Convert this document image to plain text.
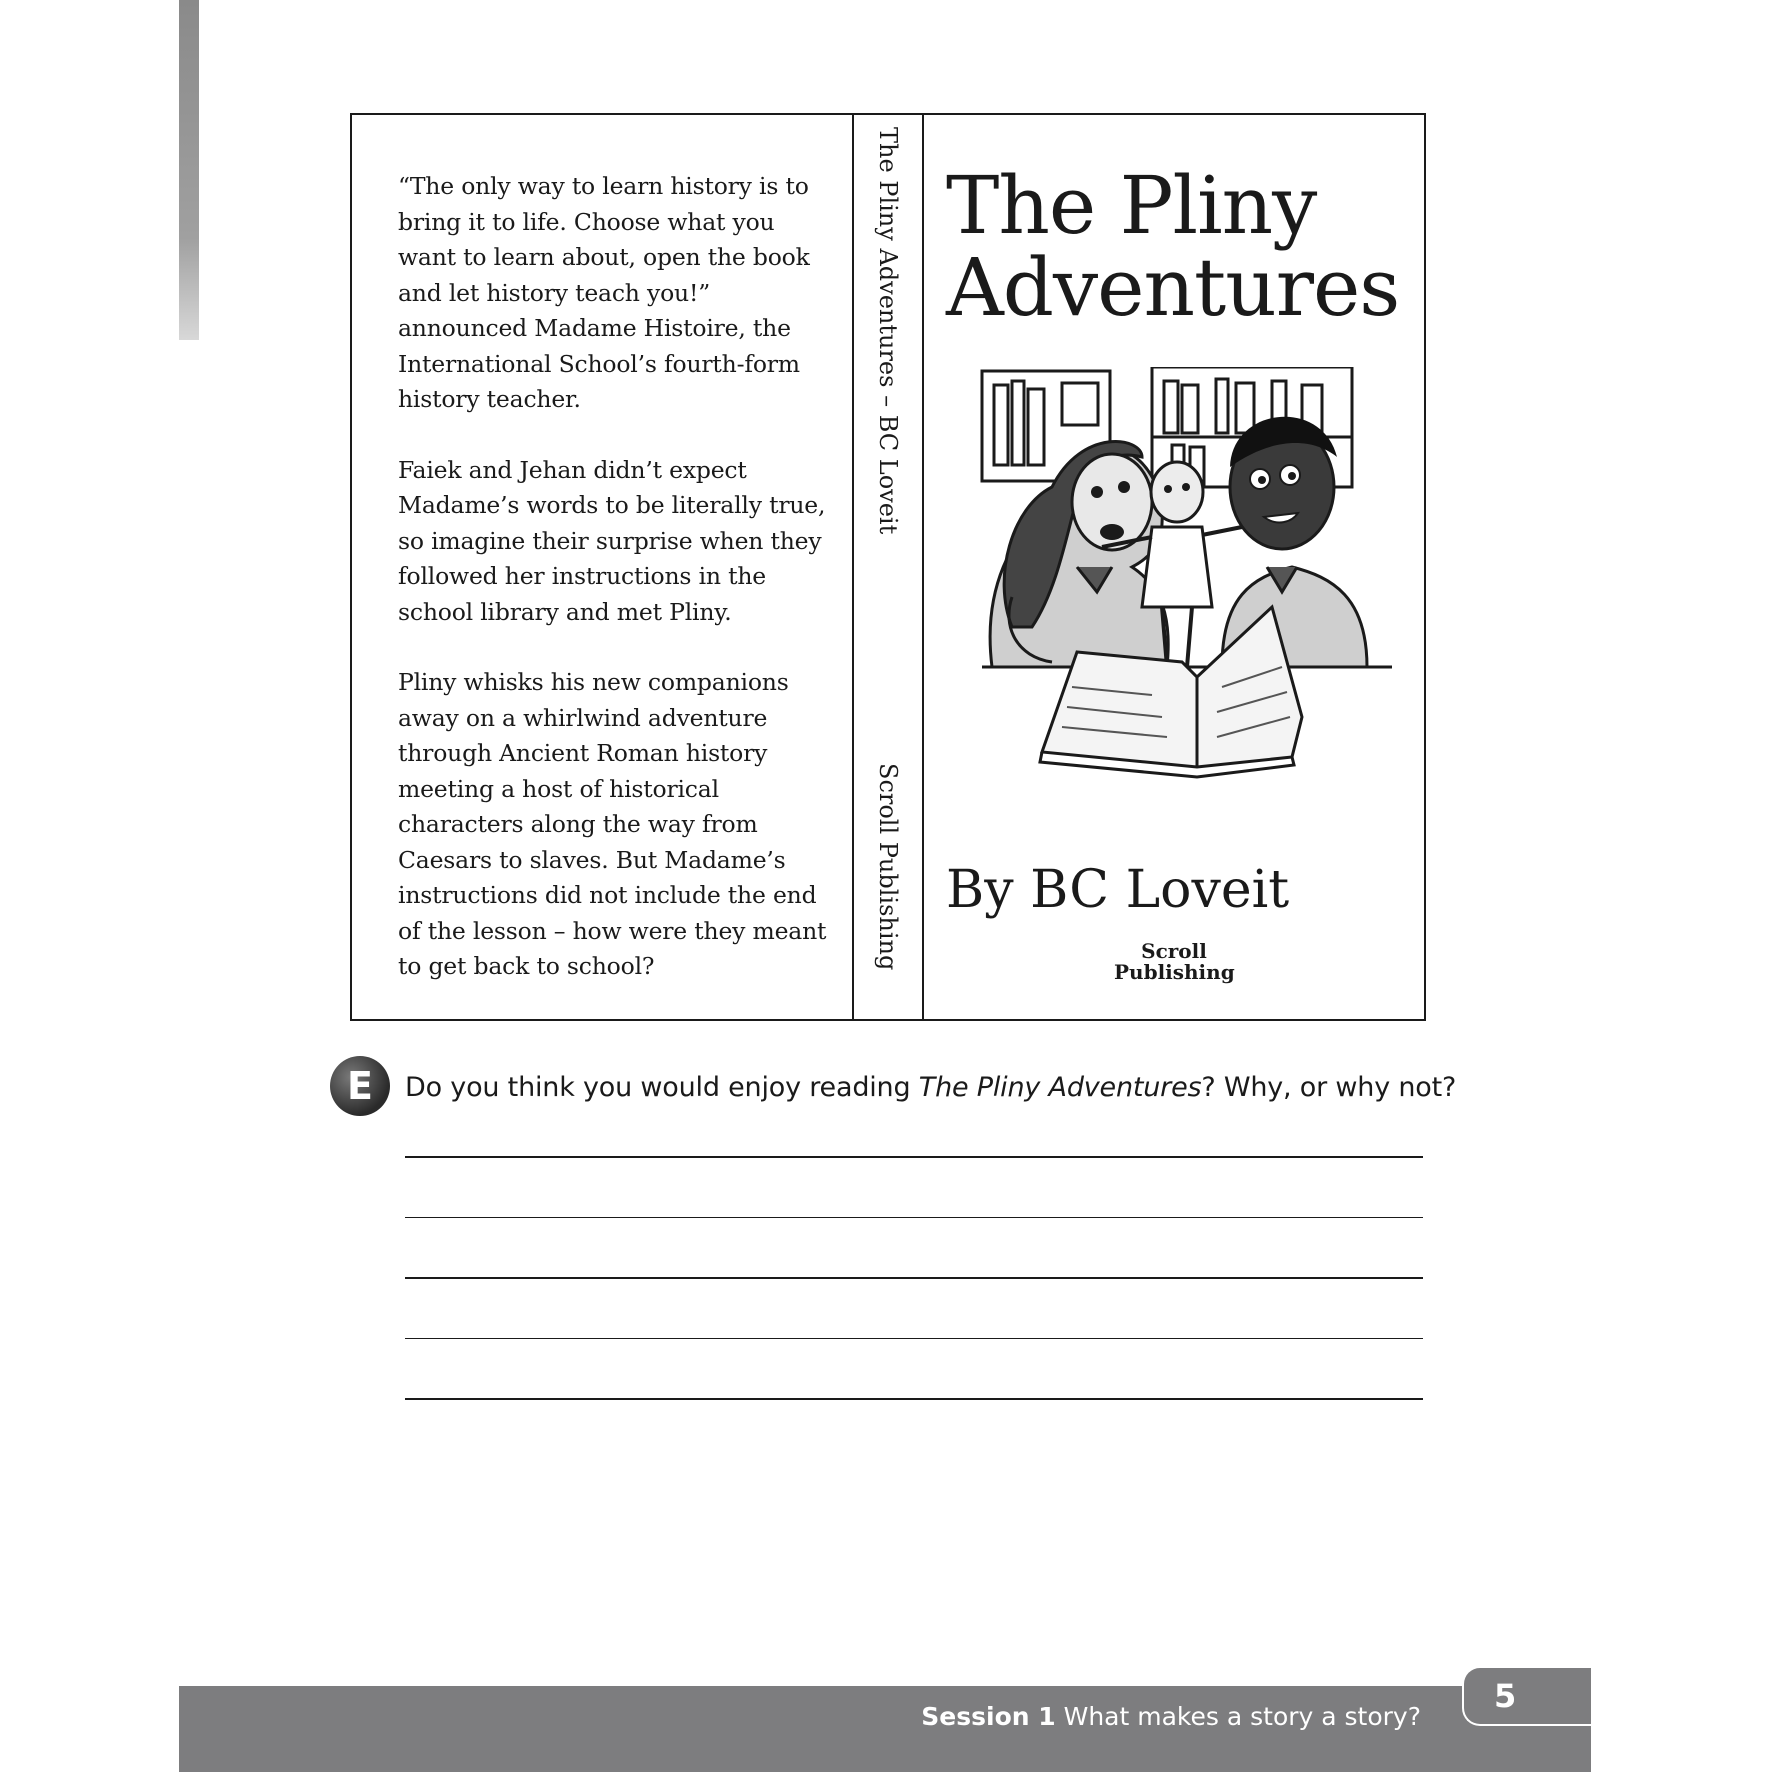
“The only way to learn history is to bring it to life. Choose what you want to learn about, open the book and let history teach you!” announced Madame Histoire, the International School’s fourth-form history teacher.

Faiek and Jehan didn’t expect Madame’s words to be literally true, so imagine their surprise when they followed her instructions in the school library and met Pliny.

Pliny whisks his new companions away on a whirlwind adventure through Ancient Roman history meeting a host of historical characters along the way from Caesars to slaves. But Madame’s instructions did not include the end of the lesson – how were they meant to get back to school?

The Pliny Adventures – BC Loveit
Scroll Publishing
The Pliny
Adventures
By BC Loveit
Scroll
Publishing
E	Do you think you would enjoy reading The Pliny Adventures? Why, or why not?
Session 1 What makes a story a story?
5
